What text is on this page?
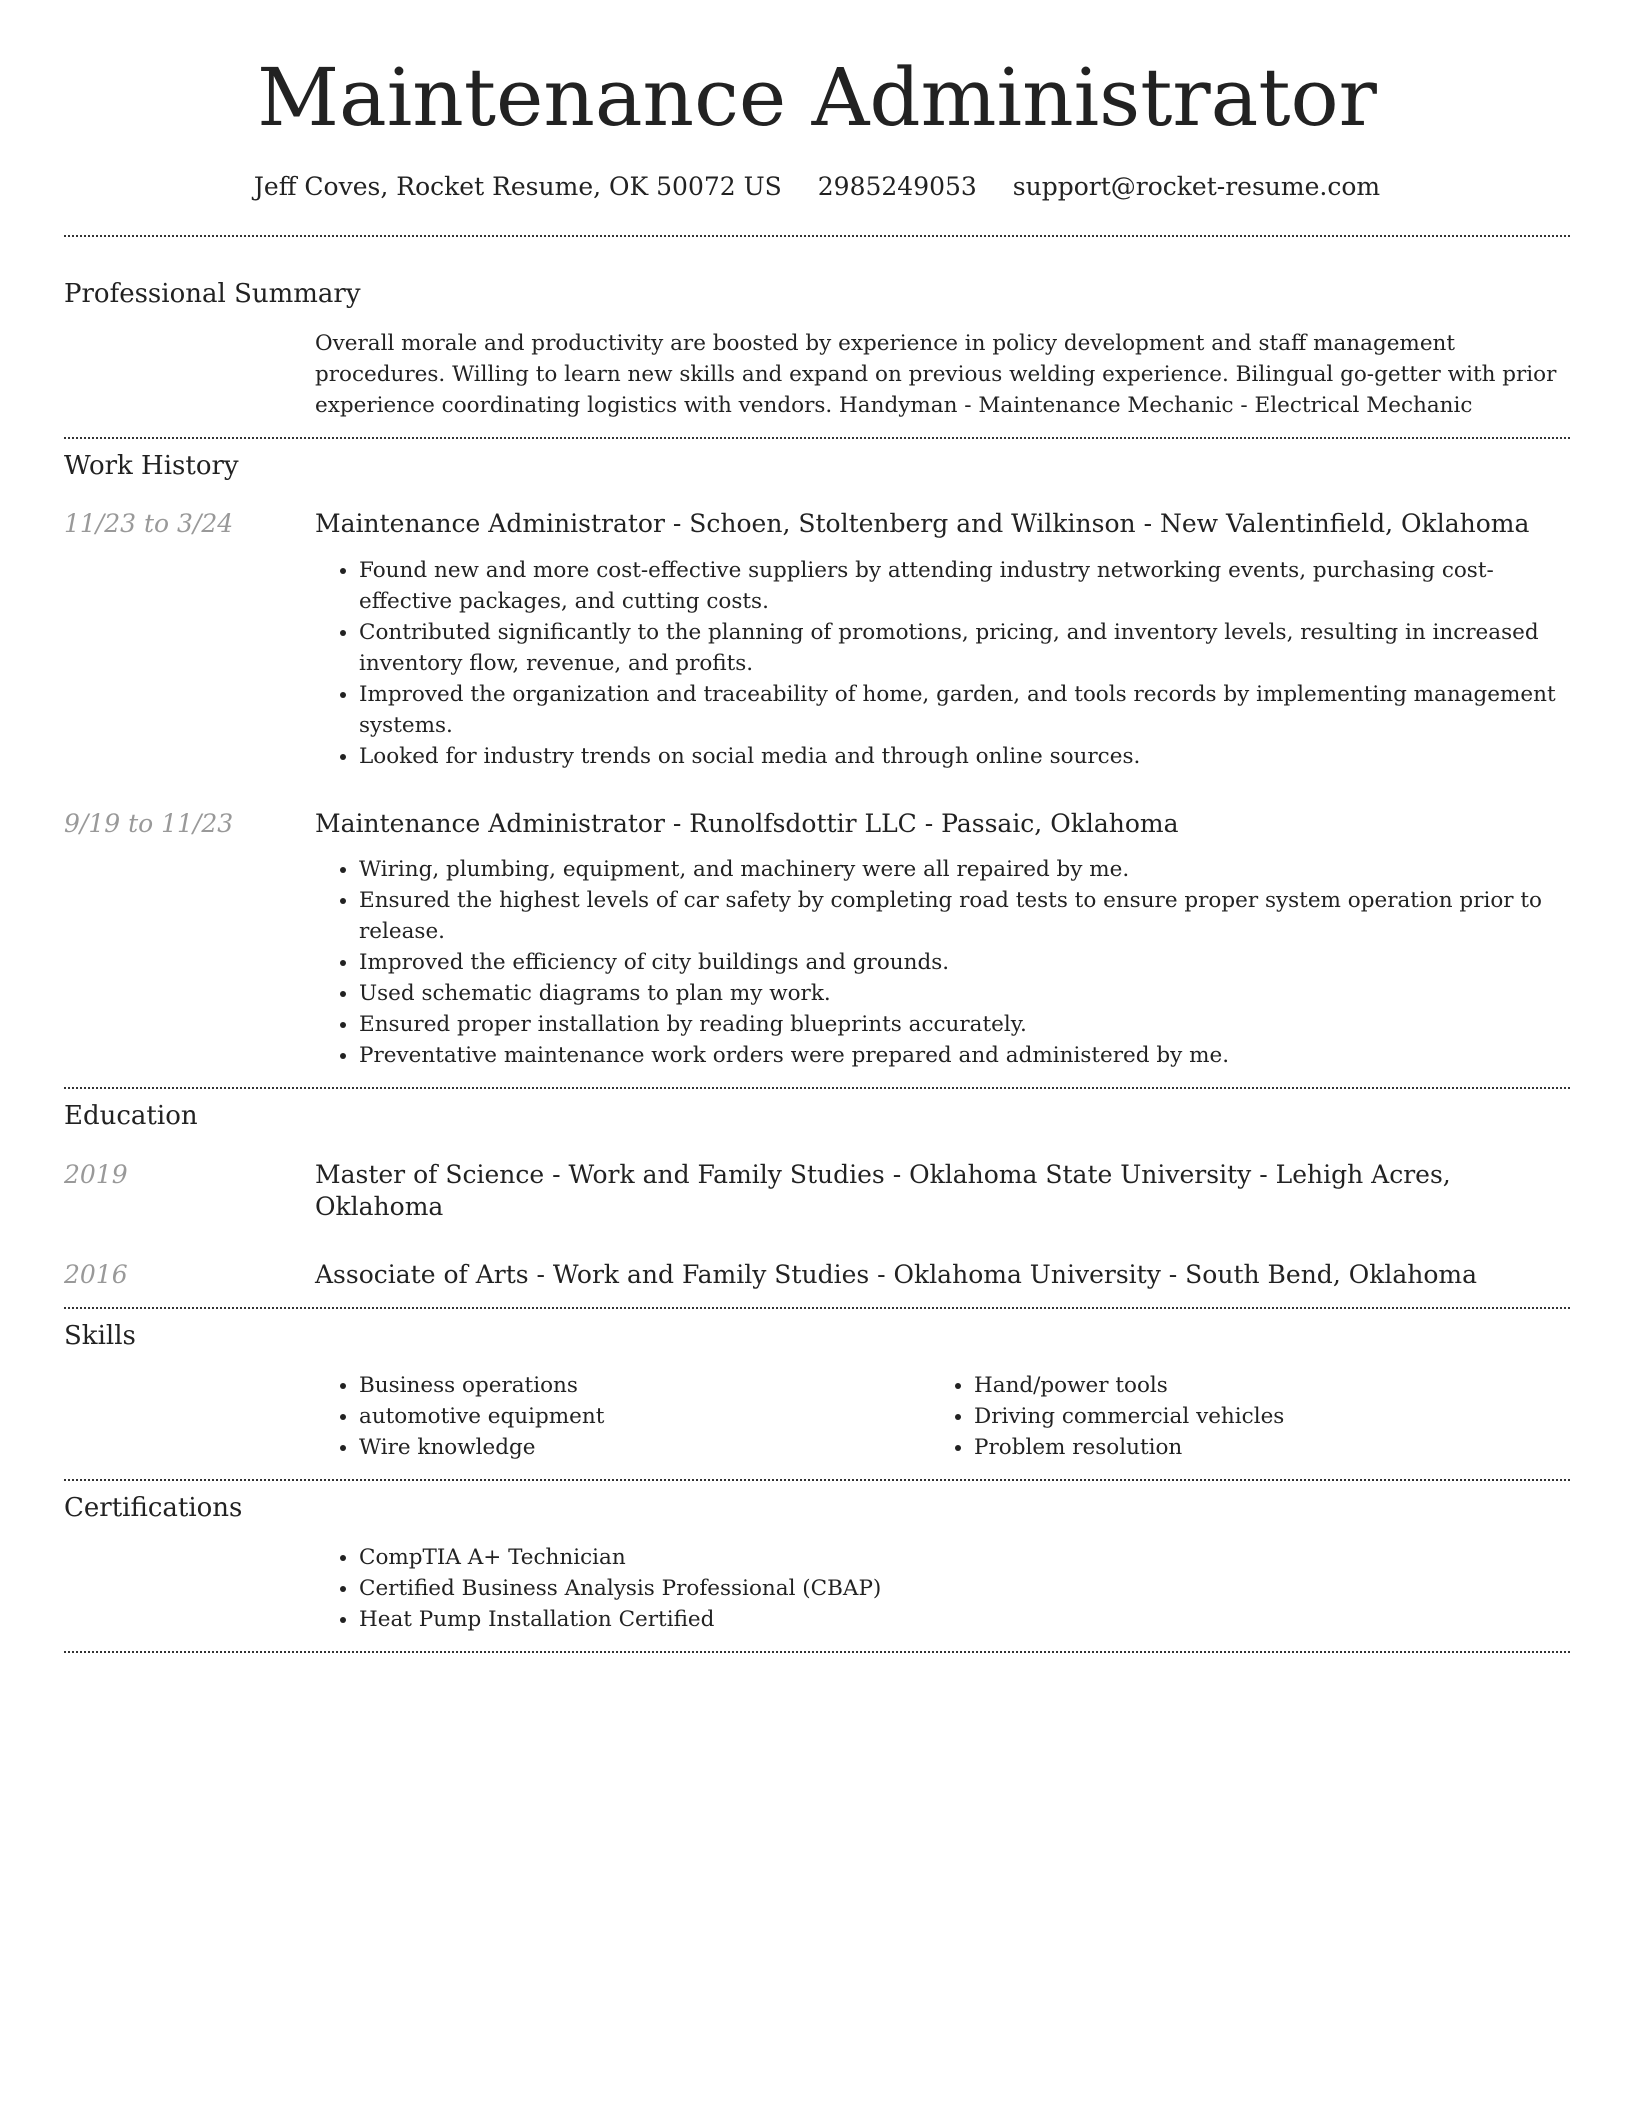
Maintenance Administrator
Jeff Coves, Rocket Resume, OK 50072 US 2985249053 support@rocket-resume.com
Professional Summary
Overall morale and productivity are boosted by experience in policy development and staff management procedures. Willing to learn new skills and expand on previous welding experience. Bilingual go-getter with prior experience coordinating logistics with vendors. Handyman - Maintenance Mechanic - Electrical Mechanic
Work History
11/23 to 3/24	Maintenance Administrator - Schoen, Stoltenberg and Wilkinson - New Valentinfield, Oklahoma
• Found new and more cost-effective suppliers by attending industry networking events, purchasing cost-effective packages, and cutting costs.
• Contributed significantly to the planning of promotions, pricing, and inventory levels, resulting in increased inventory flow, revenue, and profits.
• Improved the organization and traceability of home, garden, and tools records by implementing management systems.
• Looked for industry trends on social media and through online sources.
9/19 to 11/23	Maintenance Administrator - Runolfsdottir LLC - Passaic, Oklahoma
• Wiring, plumbing, equipment, and machinery were all repaired by me.
• Ensured the highest levels of car safety by completing road tests to ensure proper system operation prior to release.
• Improved the efficiency of city buildings and grounds.
• Used schematic diagrams to plan my work.
• Ensured proper installation by reading blueprints accurately.
• Preventative maintenance work orders were prepared and administered by me.
Education
2019	Master of Science - Work and Family Studies - Oklahoma State University - Lehigh Acres, Oklahoma
2016	Associate of Arts - Work and Family Studies - Oklahoma University - South Bend, Oklahoma
Skills
• Business operations
• automotive equipment
• Wire knowledge
• Hand/power tools
• Driving commercial vehicles
• Problem resolution
Certifications
• CompTIA A+ Technician
• Certified Business Analysis Professional (CBAP)
• Heat Pump Installation Certified
